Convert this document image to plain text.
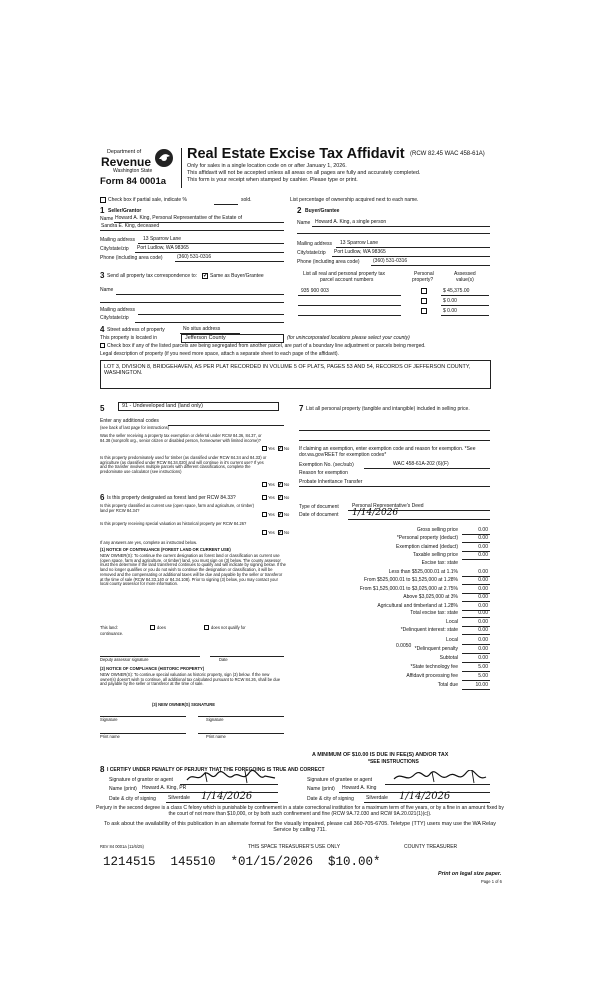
Department of
Revenue
Washington State
Form 84 0001a
Real Estate Excise Tax Affidavit (RCW 82.45 WAC 458-61A)
Only for sales in a single location code on or after January 1, 2026.
This affidavit will not be accepted unless all areas on all pages are fully and accurately completed.
This form is your receipt when stamped by cashier. Please type or print.
Check box if partial sale, indicate %	sold.	List percentage of ownership acquired next to each name.
1 Seller/Grantor
Name Howard A. King, Personal Representative of the Estate of
Sandra E. King, deceased
Mailing address 13 Sparrow Lane
City/state/zip Port Ludlow, WA 98365
Phone (including area code)	(360) 531-0316
2 Buyer/Grantee
Name Howard A. King, a single person
Mailing address 13 Sparrow Lane
City/state/zip Port Ludlow, WA 98365
Phone (including area code)	(360) 531-0316
3 Send all property tax correspondence to: ✓ Same as Buyer/Grantee
Name
Mailing address
City/state/zip
List all real and personal property tax
parcel account numbers
Personal
property?
Assessed
value(s)
935 900 003	$ 45,375.00
$ 0.00
$ 0.00
4 Street address of property	No situs address
This property is located in	Jefferson County	(for unincorporated locations please select your county)
Check box if any of the listed parcels are being segregated from another parcel, are part of a boundary line adjustment or parcels being merged.
Legal description of property (if you need more space, attach a separate sheet to each page of the affidavit).
LOT 3, DIVISION 8, BRIDGEHAVEN, AS PER PLAT RECORDED IN VOLUME 5 OF PLATS, PAGES 53 AND 54, RECORDS OF JEFFERSON COUNTY, WASHINGTON.
5	91 - Undeveloped land (land only)
Enter any additional codes
(see back of last page for instructions)
Was the seller receiving a property tax exemption or deferral under RCW 84.36, 84.37, or 84.38 (nonprofit org., senior citizen or disabled person, homeowner with limited income)?
Yes ✓ No
Is this property predominately used for timber (as classified under RCW 84.34 and 84.33) or agriculture (as classified under RCW 84.34.020) and will continue in it's current use? If yes and the transfer involves multiple parcels with different classifications, complete the predominate use calculator (see instructions)
Yes ✓ No
6 Is this property designated as forest land per RCW 84.33?	Yes ✓ No
Is this property classified as current use (open space, farm and agriculture, or timber) land per RCW 84.34?
Yes ✓ No
Is this property receiving special valuation as historical property per RCW 84.26?
Yes ✓ No
If any answers are yes, complete as instructed below.
(1) NOTICE OF CONTINUANCE (FOREST LAND OR CURRENT USE)
NEW OWNER(S): To continue the current designation as forest land or classification as current use (open space, farm and agriculture, or timber) land, you must sign on (3) below. The county assessor must then determine if the land transferred continues to qualify and will indicate by signing below. If the land no longer qualifies or you do not wish to continue the designation or classification, it will be removed and the compensating or additional taxes will be due and payable by the seller or transferor at the time of sale (RCW 84.33.140 or 84.34.108). Prior to signing (3) below, you may contact your local county assessor for more information.
This land:
continuance.
does	does not qualify for
Deputy assessor signature	Date
(2) NOTICE OF COMPLIANCE (HISTORIC PROPERTY)
NEW OWNER(S): To continue special valuation as historic property, sign (3) below. If the new owner(s) doesn't wish to continue, all additional tax calculated pursuant to RCW 84.26, shall be due and payable by the seller or transferor at the time of sale.
(3) NEW OWNER(S) SIGNATURE
Signature	Signature
Print name	Print name
7 List all personal property (tangible and intangible) included in selling price.
If claiming an exemption, enter exemption code and reason for exemption. *See dor.wa.gov/REET for exemption codes*
Exemption No. (sec/sub)	WAC 458-61A-202 (6)(F)
Reason for exemption
Probate Inheritance Transfer
Type of document	Personal Representative's Deed
Date of document 1/14/2026
Gross selling price	0.00
*Personal property (deduct)	0.00
Exemption claimed (deduct)	0.00
Taxable selling price	0.00
Excise tax: state
Less than $525,000.01 at 1.1%	0.00
From $525,000.01 to $1,525,000 at 1.28%	0.00
From $1,525,000.01 to $3,025,000 at 2.75%	0.00
Above $3,025,000 at 3%	0.00
Agricultural and timberland at 1.28%	0.00
Total excise tax: state	0.00
Local	0.00
*Delinquent interest: state	0.00
Local	0.00
*Delinquent penalty	0.00
Subtotal	0.00
*State technology fee	5.00
Affidavit processing fee	5.00
Total due	10.00
0.0050
A MINIMUM OF $10.00 IS DUE IN FEE(S) AND/OR TAX
*SEE INSTRUCTIONS
8 I CERTIFY UNDER PENALTY OF PERJURY THAT THE FOREGOING IS TRUE AND CORRECT
Signature of grantor or agent
Name (print) Howard A. King, PR
Date & city of signing Silverdale 1/14/2026
Signature of grantee or agent
Name (print) Howard A. King
Date & city of signing Silverdale 1/14/2026
Perjury in the second degree is a class C felony which is punishable by confinement in a state correctional institution for a maximum term of five years, or by a fine in an amount fixed by the court of not more than $10,000, or by both such confinement and fine (RCW 9A.72.030 and RCW 9A.20.021(1)(c)).
To ask about the availability of this publication in an alternate format for the visually impaired, please call 360-705-6705. Teletype (TTY) users may use the WA Relay Service by calling 711.
REV 84 0001a (11/6/25)	THIS SPACE TREASURER'S USE ONLY	COUNTY TREASURER
1214515  145510  *01/15/2026  $10.00*
Print on legal size paper.
Page 1 of 6
